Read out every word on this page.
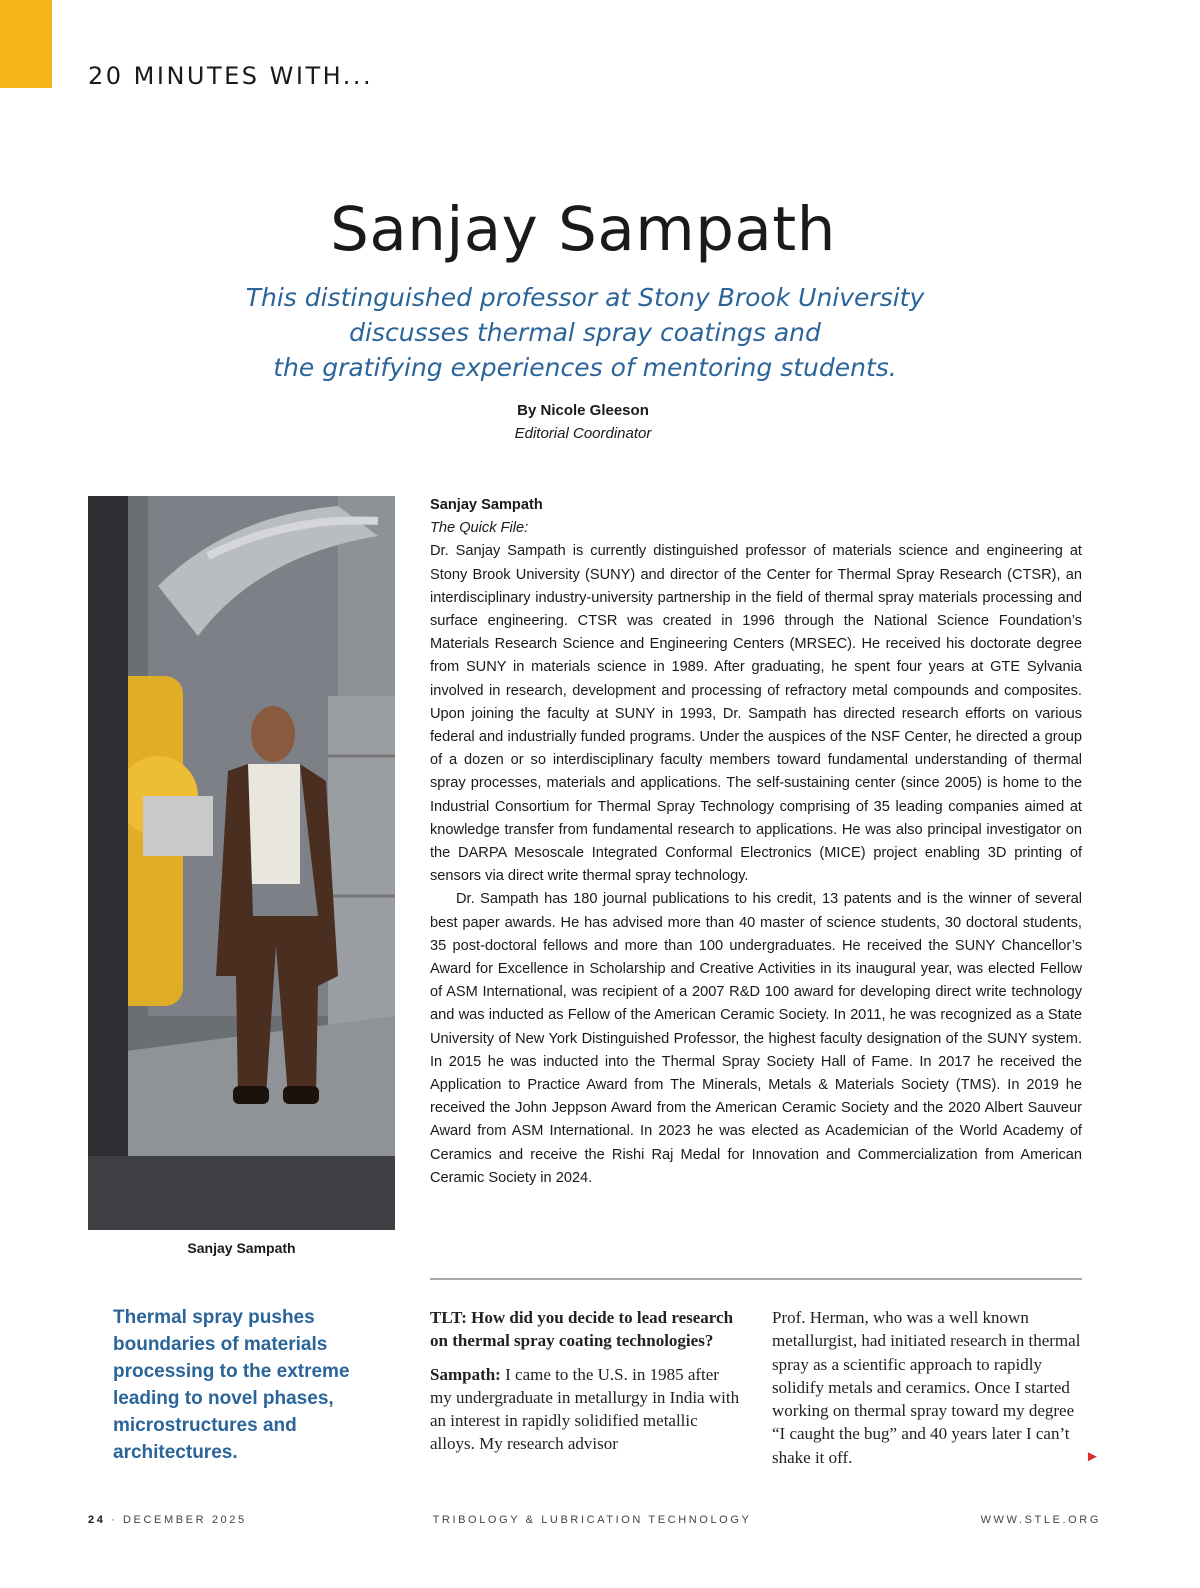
20 MINUTES WITH...
Sanjay Sampath
This distinguished professor at Stony Brook University
discusses thermal spray coatings and
the gratifying experiences of mentoring students.
By Nicole Gleeson
Editorial Coordinator
Sanjay Sampath

Sanjay Sampath

The Quick File:

Dr. Sanjay Sampath is currently distinguished professor of materials science and engineering at Stony Brook University (SUNY) and director of the Center for Thermal Spray Research (CTSR), an interdisciplinary industry-university partnership in the field of thermal spray materials processing and surface engineering. CTSR was created in 1996 through the National Science Foundation’s Materials Research Science and Engineering Centers (MRSEC). He received his doctorate degree from SUNY in materials science in 1989. After graduating, he spent four years at GTE Sylvania involved in research, development and processing of refractory metal compounds and composites. Upon joining the faculty at SUNY in 1993, Dr. Sampath has directed research efforts on various federal and industrially funded programs. Under the auspices of the NSF Center, he directed a group of a dozen or so interdisciplinary faculty members toward fundamental understanding of thermal spray processes, materials and applications. The self-sustaining center (since 2005) is home to the Industrial Consortium for Thermal Spray Technology comprising of 35 leading companies aimed at knowledge transfer from fundamental research to applications. He was also principal investigator on the DARPA Mesoscale Integrated Conformal Electronics (MICE) project enabling 3D printing of sensors via direct write thermal spray technology.

Dr. Sampath has 180 journal publications to his credit, 13 patents and is the winner of several best paper awards. He has advised more than 40 master of science students, 30 doctoral students, 35 post-doctoral fellows and more than 100 undergraduates. He received the SUNY Chancellor’s Award for Excellence in Scholarship and Creative Activities in its inaugural year, was elected Fellow of ASM International, was recipient of a 2007 R&D 100 award for developing direct write technology and was inducted as Fellow of the American Ceramic Society. In 2011, he was recognized as a State University of New York Distinguished Professor, the highest faculty designation of the SUNY system. In 2015 he was inducted into the Thermal Spray Society Hall of Fame. In 2017 he received the Application to Practice Award from The Minerals, Metals & Materials Society (TMS). In 2019 he received the John Jeppson Award from the American Ceramic Society and the 2020 Albert Sauveur Award from ASM International. In 2023 he was elected as Academician of the World Academy of Ceramics and receive the Rishi Raj Medal for Innovation and Commercialization from American Ceramic Society in 2024.

Thermal spray pushes boundaries of materials processing to the extreme leading to novel phases, microstructures and architectures.

TLT: How did you decide to lead research on thermal spray coating technologies?

Sampath: I came to the U.S. in 1985 after my undergraduate in metallurgy in India with an interest in rapidly solidified metallic alloys. My research advisor

Prof. Herman, who was a well known metallurgist, had initiated research in thermal spray as a scientific approach to rapidly solidify metals and ceramics. Once I started working on thermal spray toward my degree “I caught the bug” and 40 years later I can’t shake it off.	►
24 · DECEMBER 2025	TRIBOLOGY & LUBRICATION TECHNOLOGY	WWW.STLE.ORG
